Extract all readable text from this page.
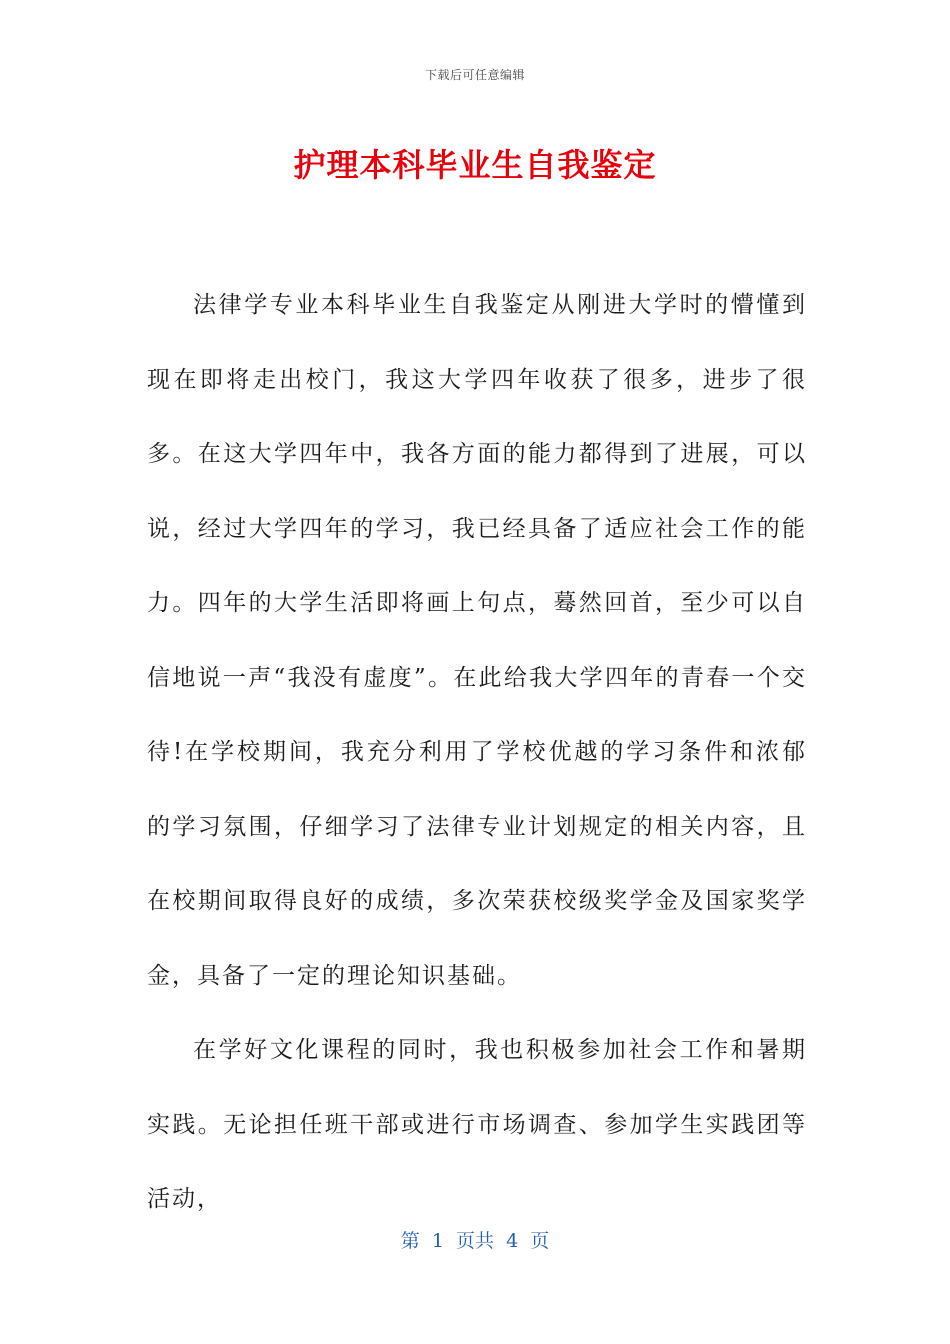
下载后可任意编辑
护理本科毕业生自我鉴定

法律学专业本科毕业生自我鉴定从刚进大学时的懵懂到现在即将走出校门，我这大学四年收获了很多，进步了很多。在这大学四年中，我各方面的能力都得到了进展，可以说，经过大学四年的学习，我已经具备了适应社会工作的能力。四年的大学生活即将画上句点，蓦然回首，至少可以自信地说一声“我没有虚度”。在此给我大学四年的青春一个交待!在学校期间，我充分利用了学校优越的学习条件和浓郁的学习氛围，仔细学习了法律专业计划规定的相关内容，且在校期间取得良好的成绩，多次荣获校级奖学金及国家奖学金，具备了一定的理论知识基础。

在学好文化课程的同时，我也积极参加社会工作和暑期实践。无论担任班干部或进行市场调查、参加学生实践团等活动，

第  1  页共  4  页
